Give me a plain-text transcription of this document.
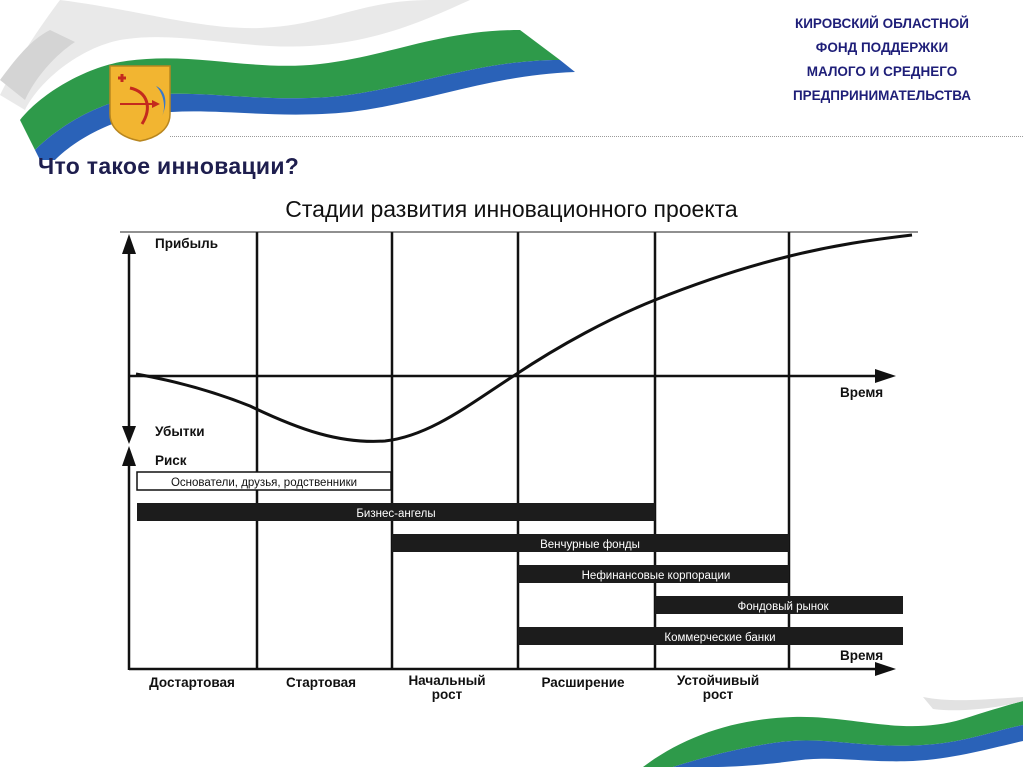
КИРОВСКИЙ ОБЛАСТНОЙ
ФОНД ПОДДЕРЖКИ
МАЛОГО И СРЕДНЕГО
ПРЕДПРИНИМАТЕЛЬСТВА
Что такое инновации?
Стадии развития инновационного проекта
Прибыль
Время
Убытки
Риск
Время
Основатели, друзья, родственники
Бизнес-ангелы
Венчурные фонды
Нефинансовые корпорации
Фондовый рынок
Коммерческие банки
Достартовая	Стартовая	Начальный
рост
Расширение	Устойчивый
рост
